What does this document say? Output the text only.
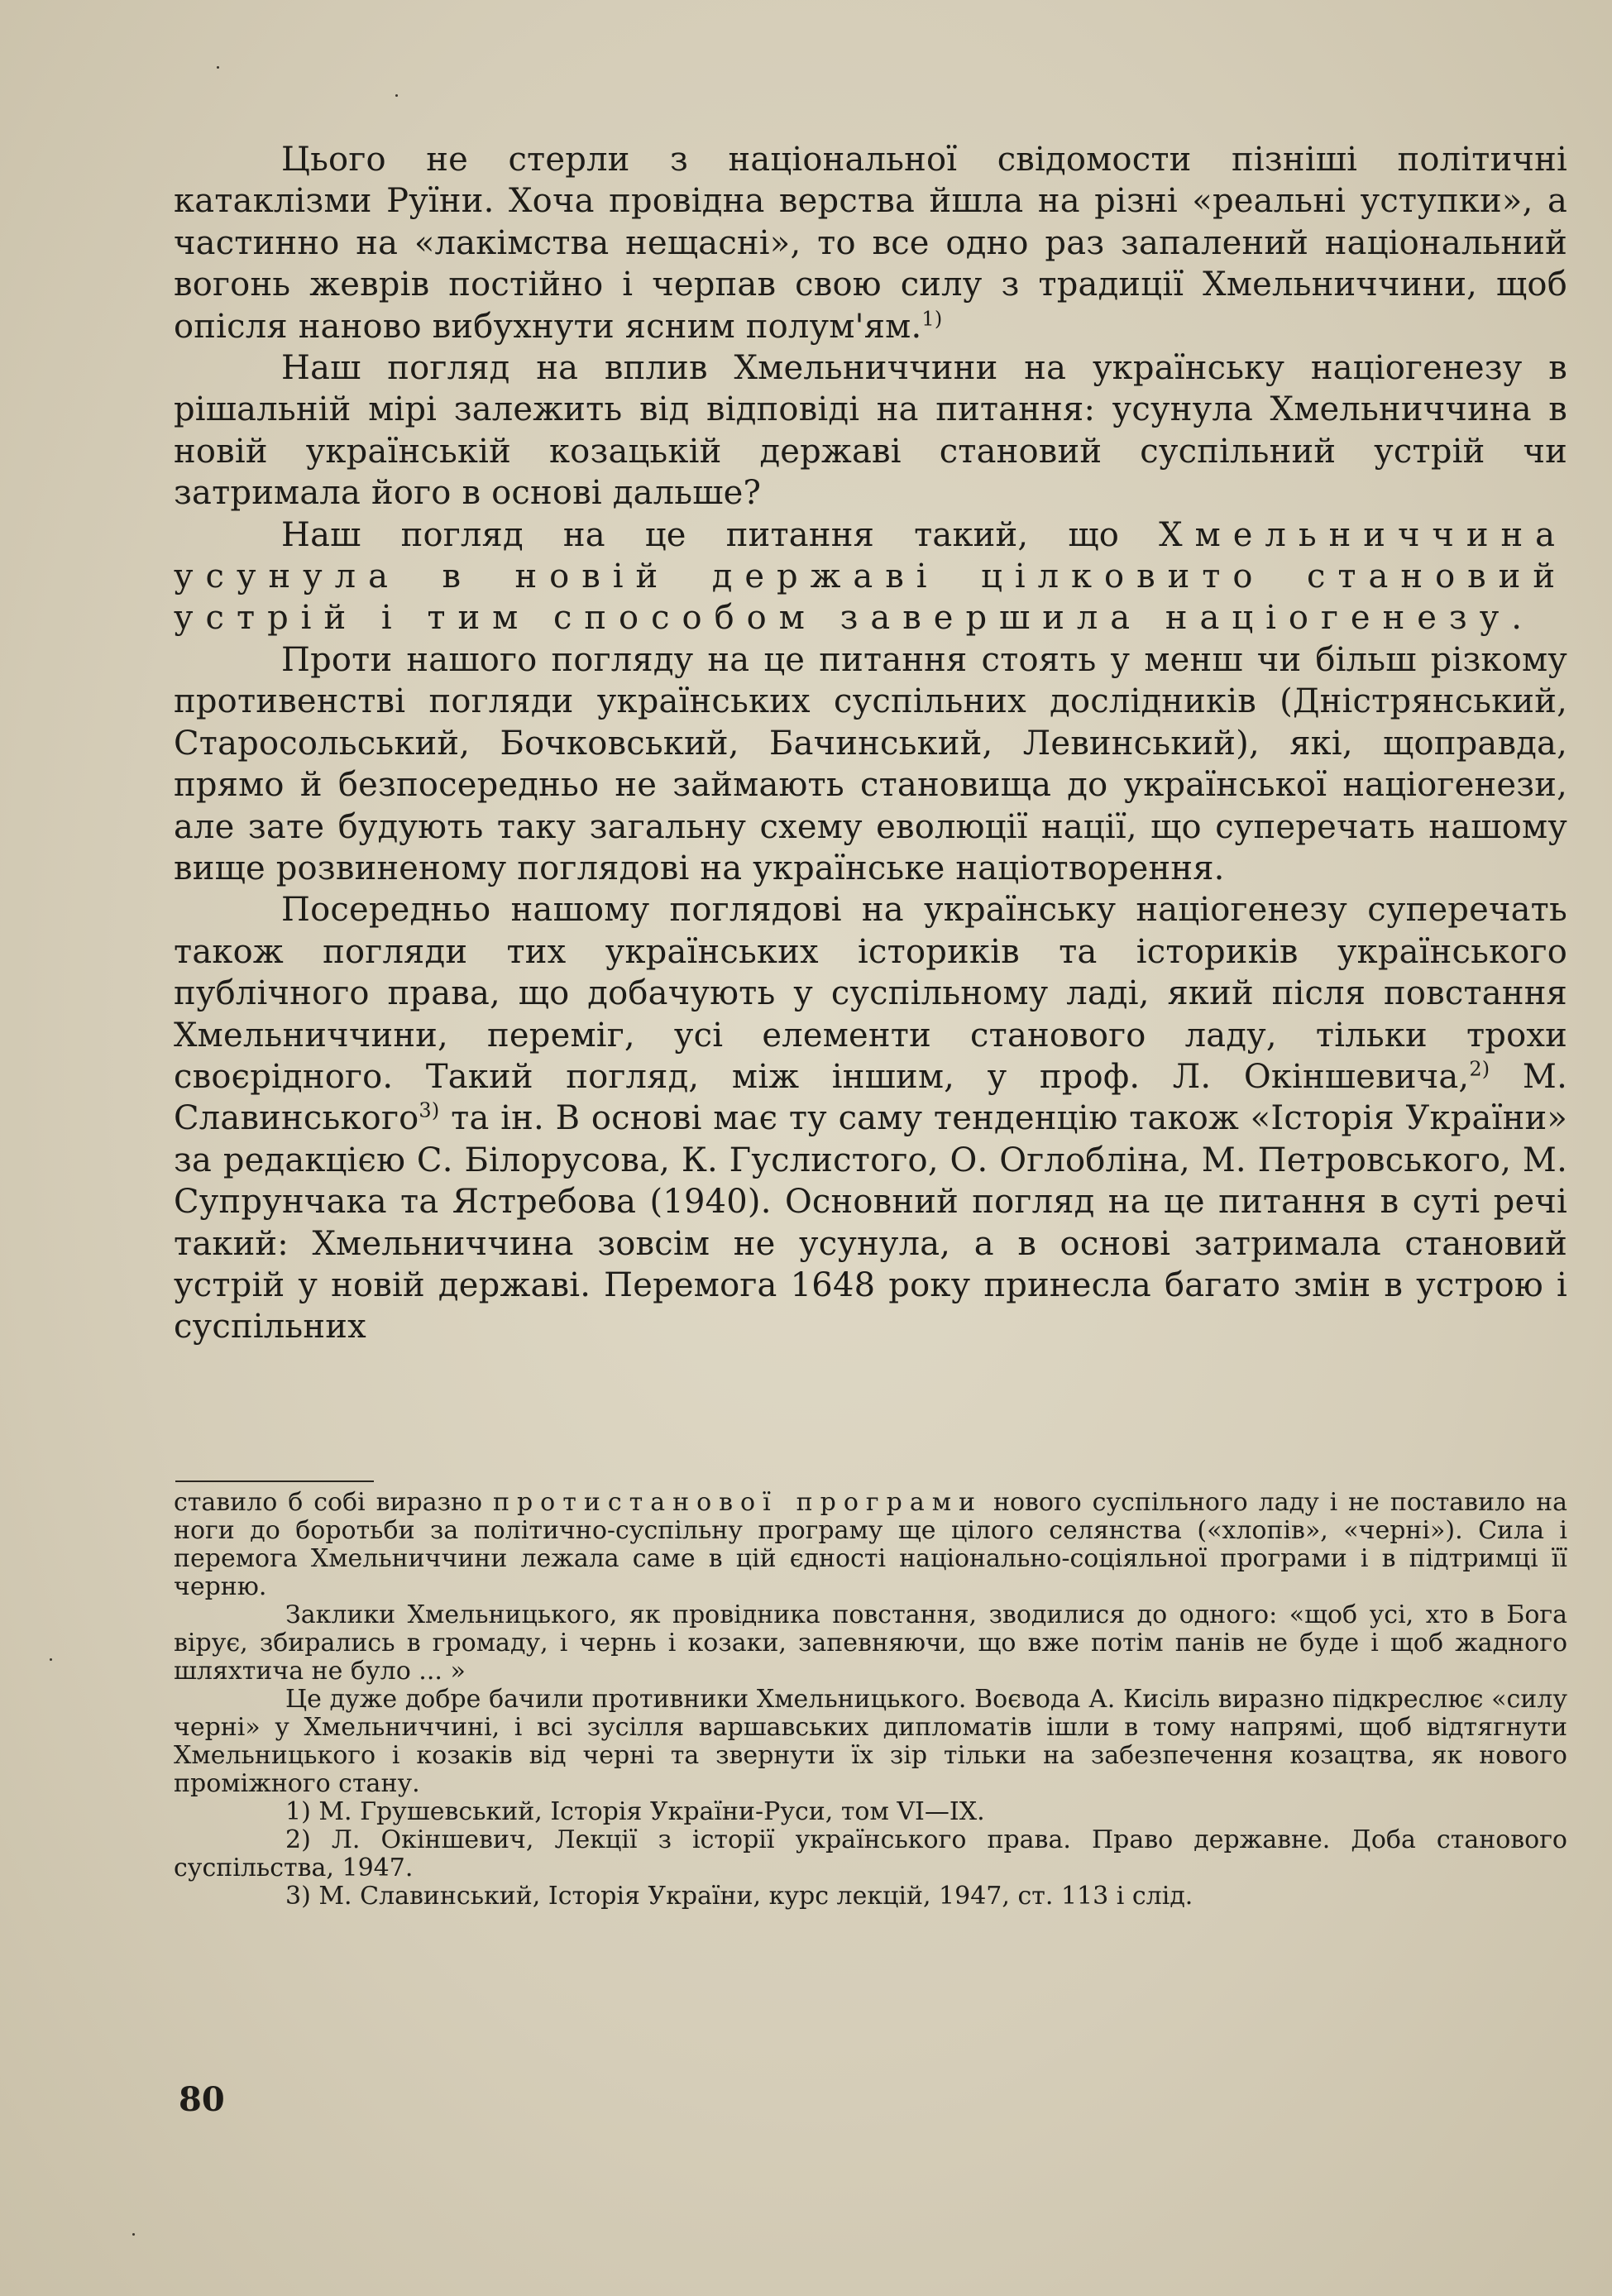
Цього не стерли з національної свідомости пізніші політичні катаклізми Руїни. Хоча провідна верства йшла на різні «реальні уступки», а частинно на «лакімства нещасні», то все одно раз запалений національний вогонь жеврів постійно і черпав свою силу з традиції Хмельниччини, щоб опісля наново вибухнути ясним полум'ям.$^{1)}$

Наш погляд на вплив Хмельниччини на українську націогенезу в рішальній мірі залежить від відповіді на питання: усунула Хмельниччина в новій українській козацькій державі становий суспільний устрій чи затримала його в основі дальше?

Наш погляд на це питання такий, що Хмельниччина усунула в новій державі цілковито становий устрій і тим способом завершила націогенезу.

Проти нашого погляду на це питання стоять у менш чи більш різкому противенстві погляди українських суспільних дослідників (Дністрянський, Старосольський, Бочковський, Бачинський, Левинський), які, щоправда, прямо й безпосередньо не займають становища до української націогенези, але зате будують таку загальну схему еволюції нації, що суперечать нашому вище розвиненому поглядові на українське націотворення.

Посередньо нашому поглядові на українську націогенезу суперечать також погляди тих українських істориків та істориків українського публічного права, що добачують у суспільному ладі, який після повстання Хмельниччини, переміг, усі елементи станового ладу, тільки трохи своєрідного. Такий погляд, між іншим, у проф. Л. Окіншевича,$^{2)}$ М. Славинського$^{3)}$ та ін. В основі має ту саму тенденцію також «Історія України» за редакцією С. Білорусова, К. Гуслистого, О. Оглобліна, М. Петровського, М. Супрунчака та Ястребова (1940). Основний погляд на це питання в суті речі такий: Хмельниччина зовсім не усунула, а в основі затримала становий устрій у новій державі. Перемога 1648 року принесла багато змін в устрою і суспільних

ставило б собі виразно протистанової програми нового суспільного ладу і не поставило на ноги до боротьби за політично-суспільну програму ще цілого селянства («хлопів», «черні»). Сила і перемога Хмельниччини лежала саме в цій єдності національно-соціяльної програми і в підтримці її черню.

Заклики Хмельницького, як провідника повстання, зводилися до одного: «щоб усі, хто в Бога вірує, збирались в громаду, і чернь і козаки, запевняючи, що вже потім панів не буде і щоб жадного шляхтича не було ... »

Це дуже добре бачили противники Хмельницького. Воєвода А. Кисіль виразно підкреслює «силу черні» у Хмельниччині, і всі зусілля варшавських дипломатів ішли в тому напрямі, щоб відтягнути Хмельницького і козаків від черні та звернути їх зір тільки на забезпечення козацтва, як нового проміжного стану.

1) М. Грушевський, Історія України-Руси, том VI—IX.

2) Л. Окіншевич, Лекції з історії українського права. Право державне. Доба станового суспільства, 1947.

3) М. Славинський, Історія України, курс лекцій, 1947, ст. 113 і слід.

80
